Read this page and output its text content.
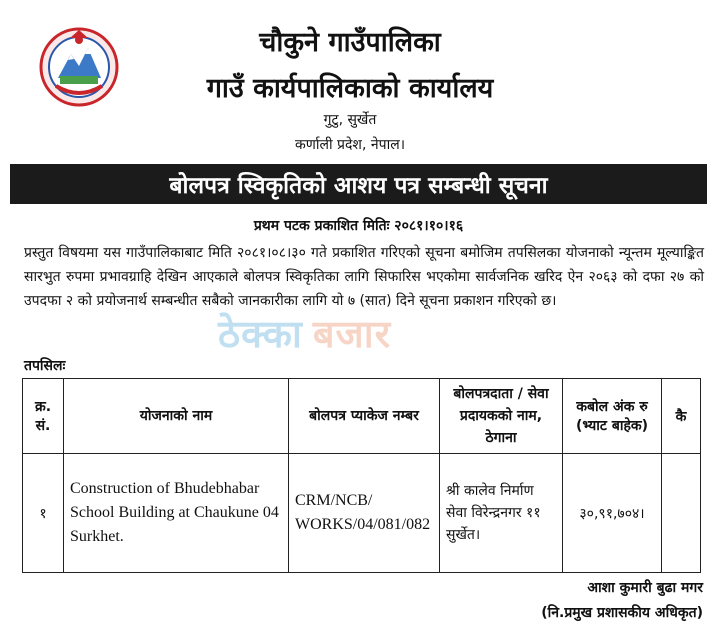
चौकुने गाउँपालिका
गाउँ कार्यपालिकाको कार्यालय
गुटु, सुर्खेत
कर्णाली प्रदेश, नेपाल।
बोलपत्र स्विकृतिको आशय पत्र सम्बन्धी सूचना
प्रथम पटक प्रकाशित मितिः २०८१।१०।१६
प्रस्तुत विषयमा यस गाउँपालिकाबाट मिति २०८१।०८।३० गते प्रकाशित गरिएको सूचना बमोजिम तपसिलका योजनाको न्यून्तम मूल्याङ्कित सारभुत रुपमा प्रभावग्राहि देखिन आएकाले बोलपत्र स्विकृतिका लागि सिफारिस भएकोमा सार्वजनिक खरिद ऐन २०६३ को दफा २७ को उपदफा २ को प्रयोजनार्थ सम्बन्धीत सबैको जानकारीका लागि यो ७ (सात) दिने सूचना प्रकाशन गरिएको छ।
ठेक्का बजार
तपसिलः
क्र. सं.	योजनाको नाम	बोलपत्र प्याकेज नम्बर	बोलपत्रदाता / सेवा प्रदायकको नाम, ठेगाना	कबोल अंक रु (भ्याट बाहेक)	कै
१	Construction of Bhudebhabar School Building at Chaukune 04 Surkhet.	CRM/NCB/ WORKS/04/081/082	श्री कालेव निर्माण सेवा विरेन्द्रनगर ११ सुर्खेत।	३०,९१,७०४।	
आशा कुमारी बुढा मगर
(नि.प्रमुख प्रशासकीय अधिकृत)
